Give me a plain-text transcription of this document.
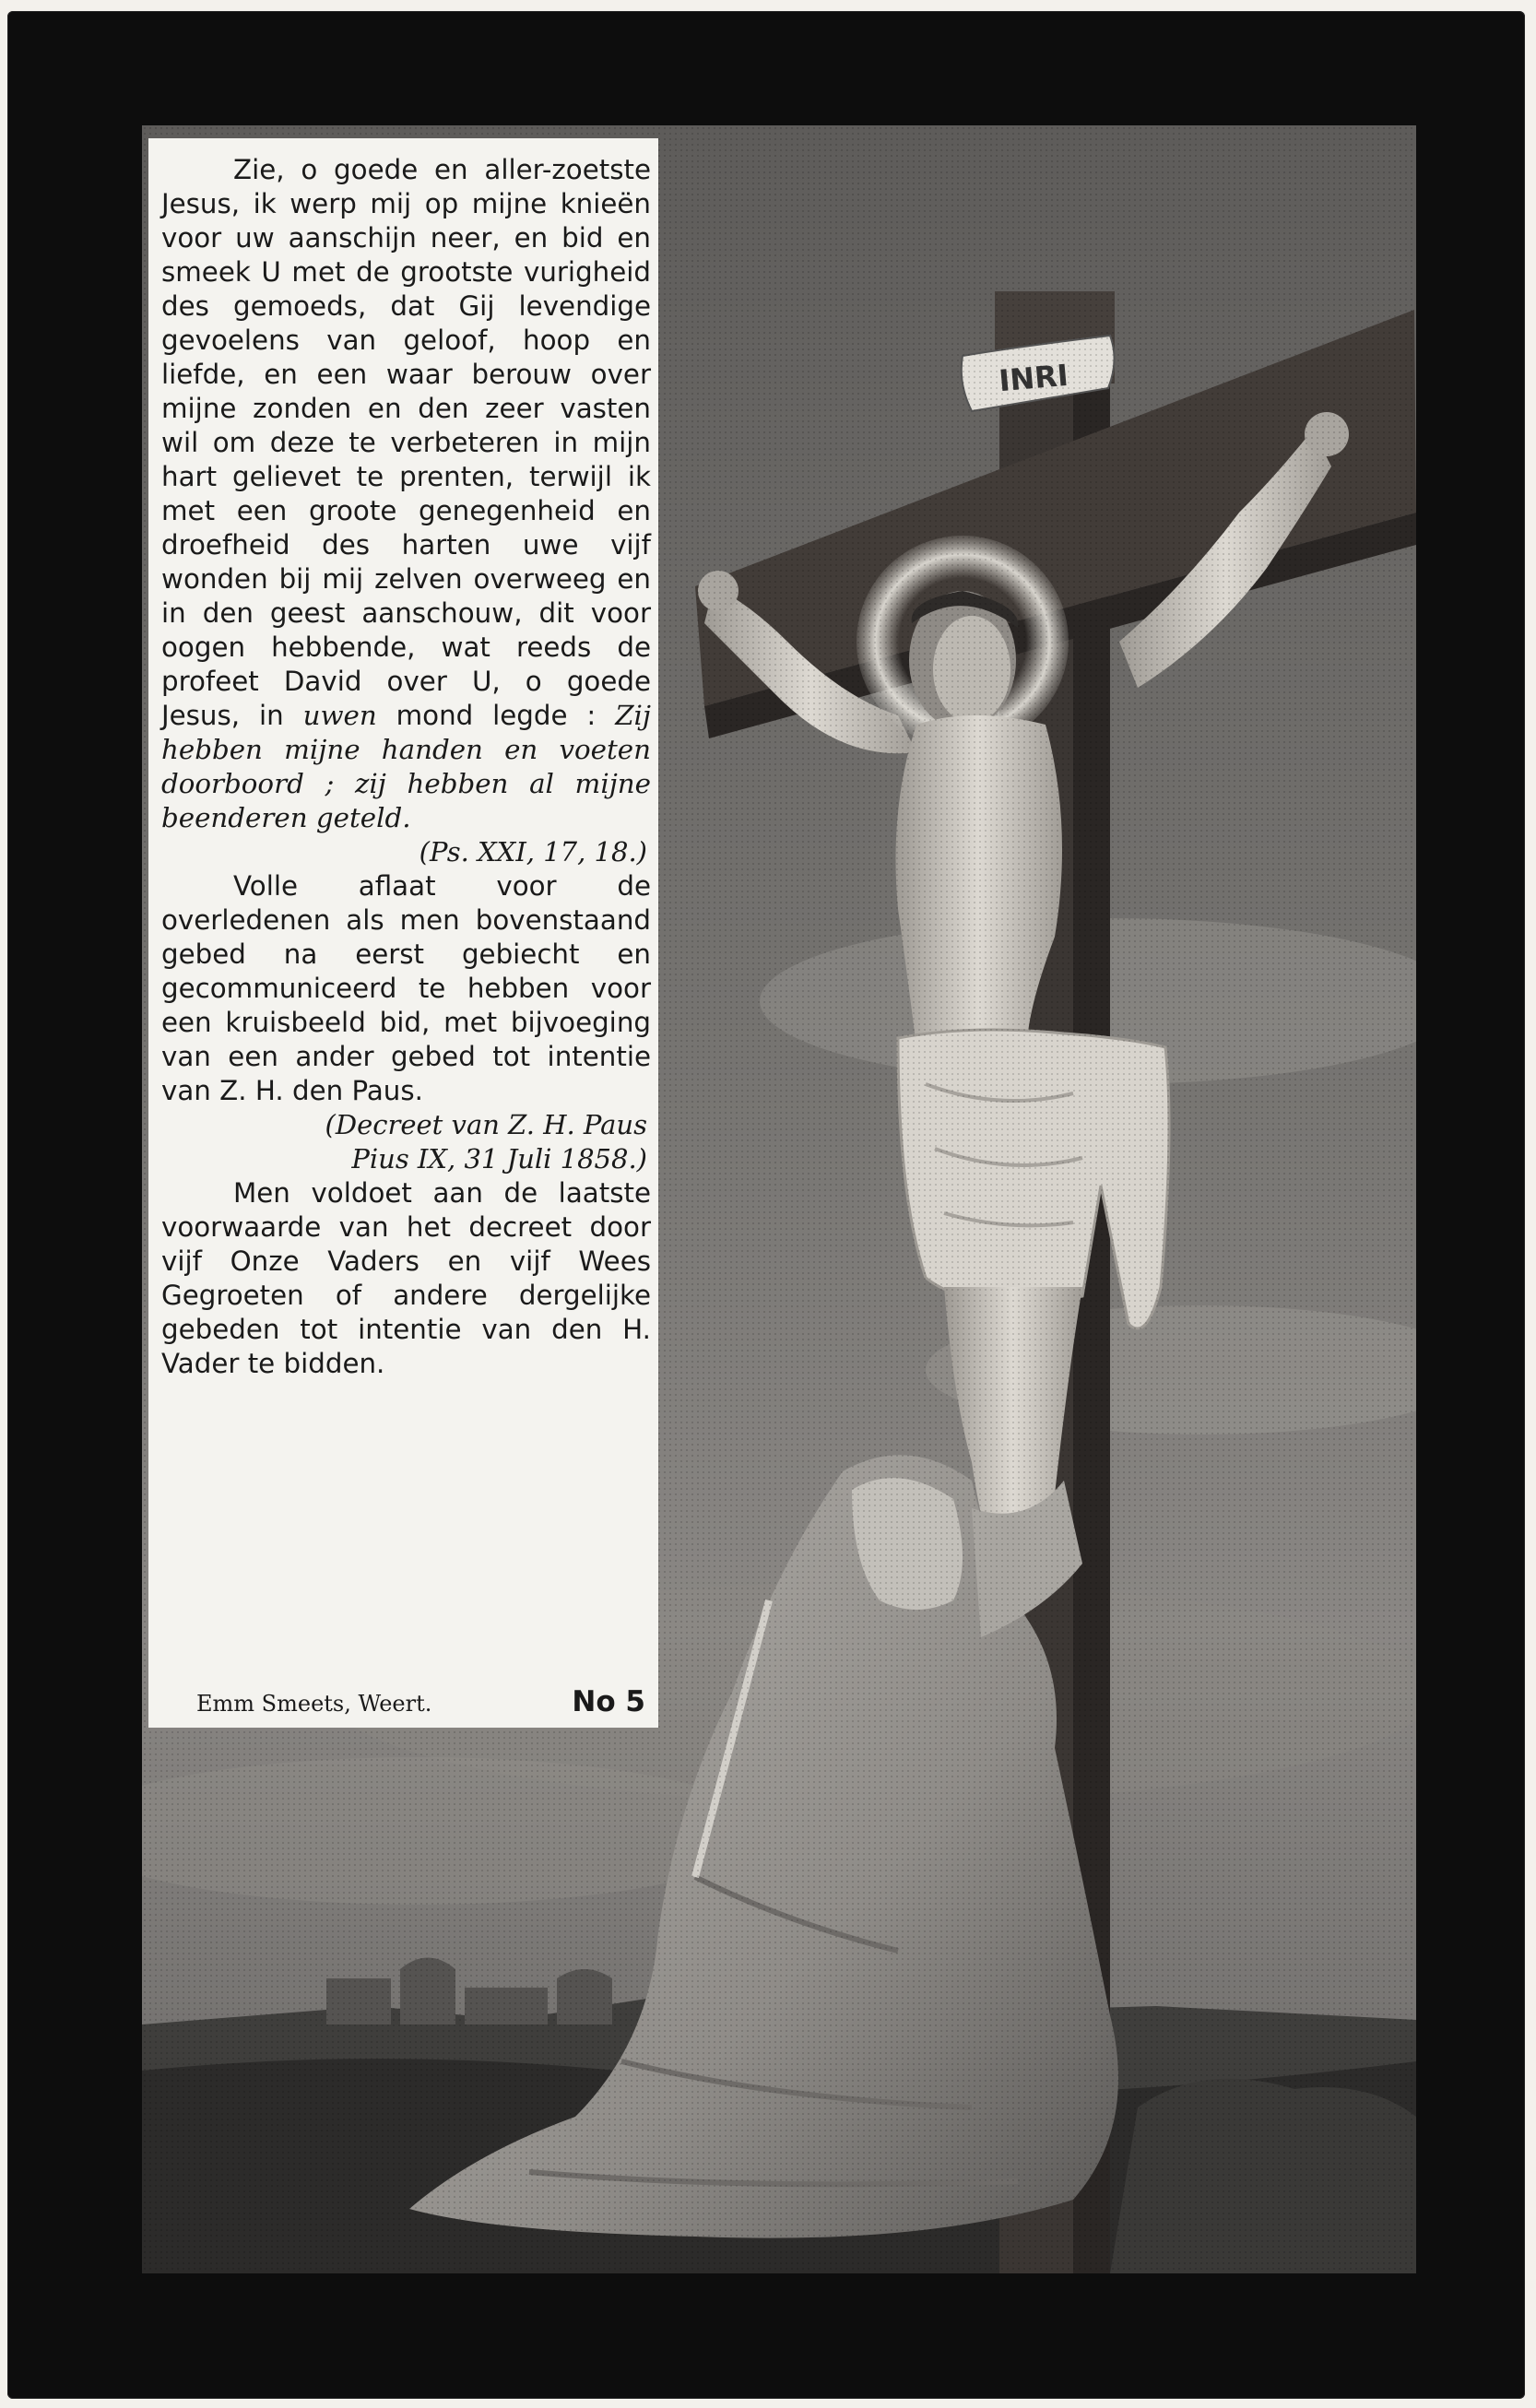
Zie, o goede en aller-zoetste Jesus, ik werp mij op mijne knieën voor uw aanschijn neer, en bid en smeek U met de grootste vurigheid des gemoeds, dat Gij levendige gevoelens van geloof, hoop en liefde, en een waar berouw over mijne zonden en den zeer vasten wil om deze te verbeteren in mijn hart gelievet te prenten, terwijl ik met een groote genegenheid en droefheid des harten uwe vijf wonden bij mij zelven overweeg en in den geest aanschouw, dit voor oogen hebbende, wat reeds de profeet David over U, o goede Jesus, in uwen mond legde : Zij hebben mijne handen en voeten doorboord ; zij hebben al mijne beenderen geteld.

(Ps. XXI, 17, 18.)

Volle aflaat voor de overledenen als men bovenstaand gebed na eerst gebiecht en gecommuniceerd te hebben voor een kruisbeeld bid, met bijvoeging van een ander gebed tot intentie van Z. H. den Paus.

(Decreet van Z. H. Paus

Pius IX, 31 Juli 1858.)

Men voldoet aan de laatste voorwaarde van het decreet door vijf Onze Vaders en vijf Wees Gegroeten of andere dergelijke gebeden tot intentie van den H. Vader te bidden.

Emm Smeets, Weert.	No 5
